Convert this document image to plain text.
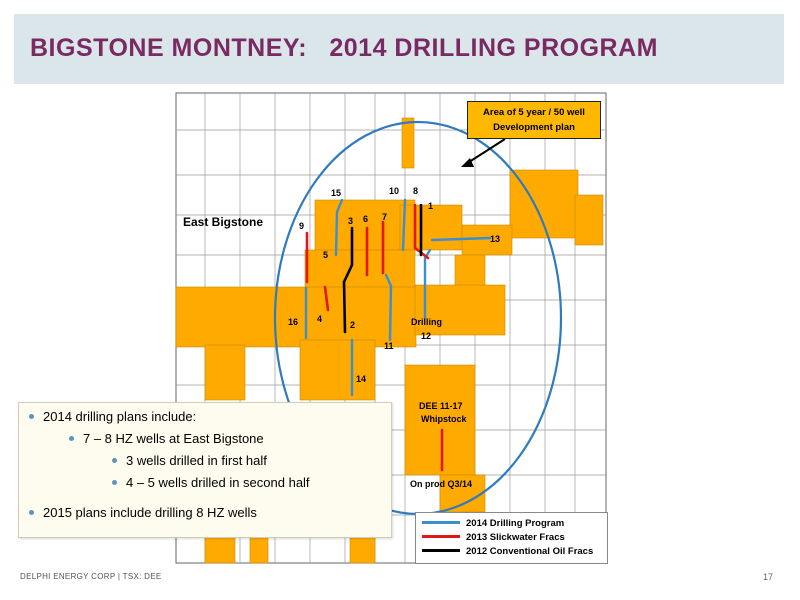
BIGSTONE MONTNEY:   2014 DRILLING PROGRAM
15	10 8
1
East Bigstone	9	3 6 7
13
5
16 4
2	Drilling
12
11
14
DEE 11-17
Whipstock
On prod Q3/14
Area of 5 year / 50 well
Development plan
2014 drilling plans include:
7 – 8 HZ wells at East Bigstone
3 wells drilled in first half
4 – 5 wells drilled in second half
2015 plans include drilling 8 HZ wells
2014 Drilling Program
2013 Slickwater Fracs
2012 Conventional Oil Fracs
DELPHI ENERGY CORP | TSX: DEE	17
